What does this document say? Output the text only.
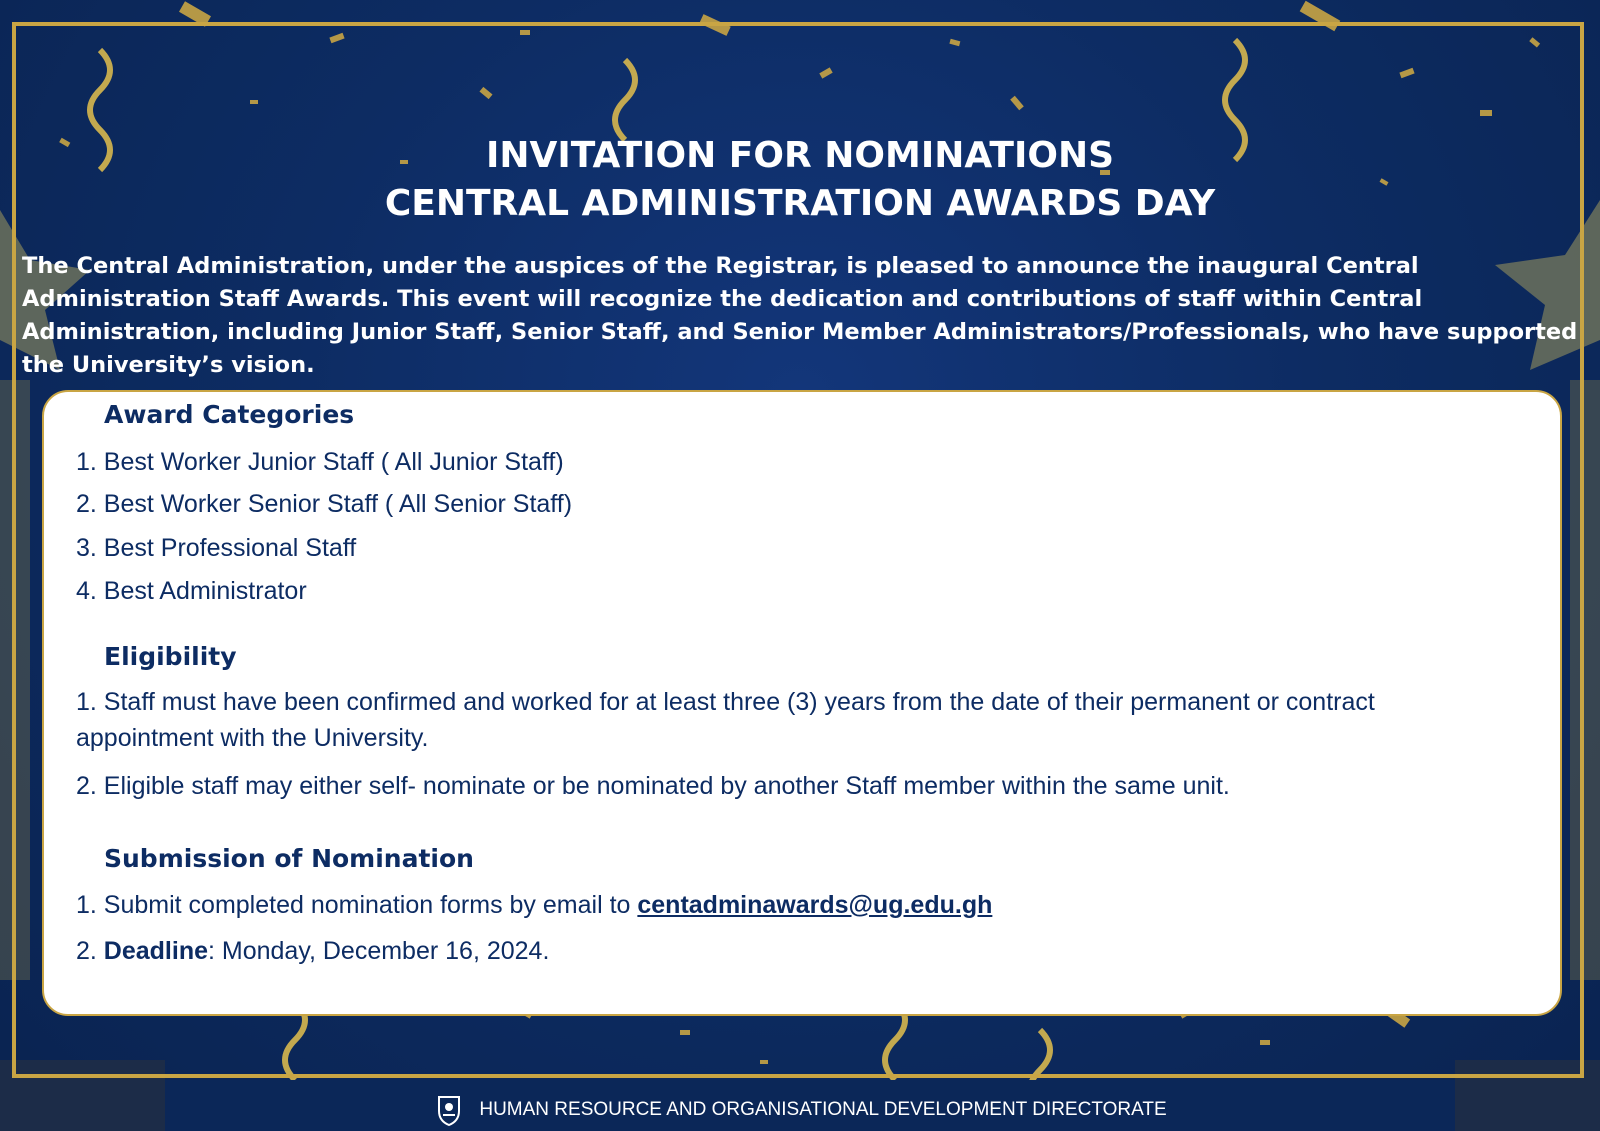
INVITATION FOR NOMINATIONS
CENTRAL ADMINISTRATION AWARDS DAY
The Central Administration, under the auspices of the Registrar, is pleased to announce the inaugural Central Administration Staff Awards. This event will recognize the dedication and contributions of staff within Central Administration, including Junior Staff, Senior Staff, and Senior Member Administrators/Professionals, who have supported the University’s vision.
Award Categories
1. Best Worker Junior Staff ( All Junior Staff)
2. Best Worker Senior Staff ( All Senior Staff)
3. Best Professional Staff
4. Best Administrator
Eligibility
1. Staff must have been confirmed and worked for at least three (3) years from the date of their permanent or contract appointment with the University.
2. Eligible staff may either self- nominate or be nominated by another Staff member within the same unit.
Submission of Nomination
1. Submit completed nomination forms by email to centadminawards@ug.edu.gh
2. Deadline: Monday, December 16, 2024.
HUMAN RESOURCE AND ORGANISATIONAL DEVELOPMENT DIRECTORATE
